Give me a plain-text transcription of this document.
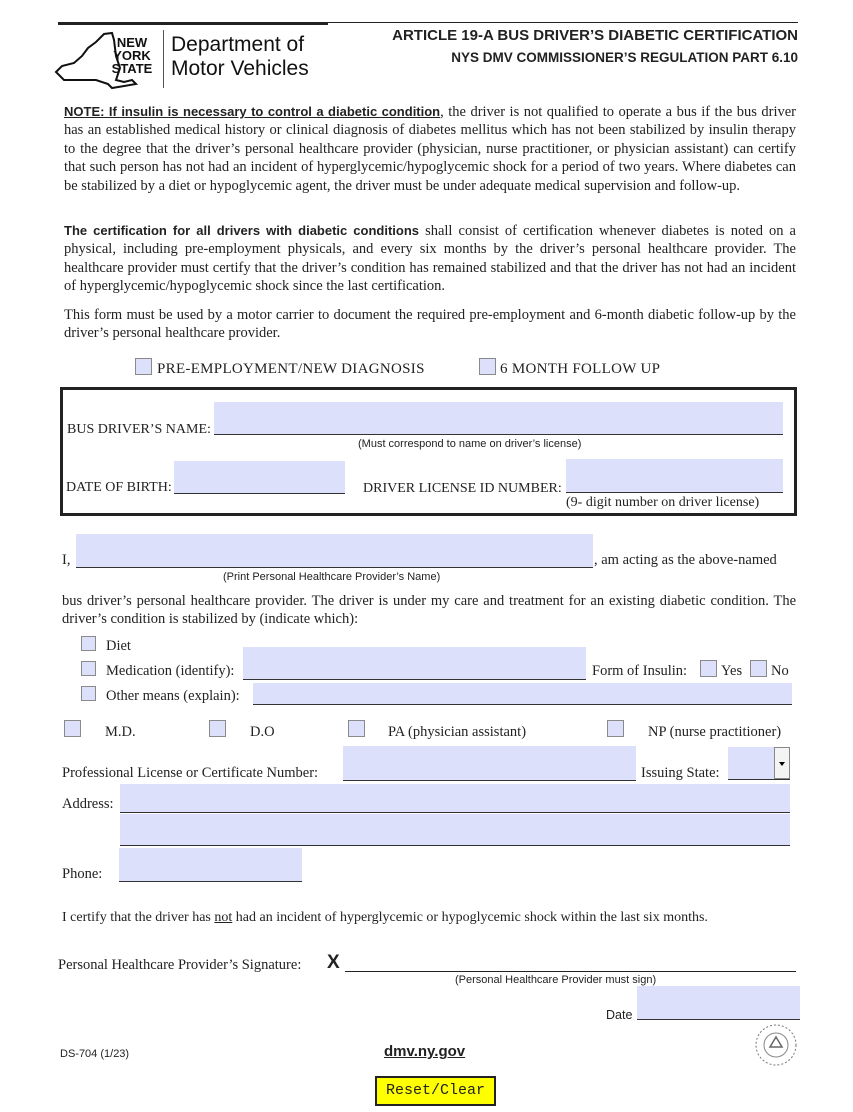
NEW
YORK
STATE
Department of
Motor Vehicles
ARTICLE 19-A BUS DRIVER’S DIABETIC CERTIFICATION
NYS DMV COMMISSIONER’S REGULATION PART 6.10
NOTE: If insulin is necessary to control a diabetic condition, the driver is not qualified to operate a bus if the bus driver has an established medical history or clinical diagnosis of diabetes mellitus which has not been stabilized by insulin therapy to the degree that the driver’s personal healthcare provider (physician, nurse practitioner, or physician assistant) can certify that such person has not had an incident of hyperglycemic/hypoglycemic shock for a period of two years. Where diabetes can be stabilized by a diet or hypoglycemic agent, the driver must be under adequate medical supervision and follow-up.
The certification for all drivers with diabetic conditions shall consist of certification whenever diabetes is noted on a physical, including pre-employment physicals, and every six months by the driver’s personal healthcare provider. The healthcare provider must certify that the driver’s condition has remained stabilized and that the driver has not had an incident of hyperglycemic/hypoglycemic shock since the last certification.
This form must be used by a motor carrier to document the required pre-employment and 6-month diabetic follow-up by the driver’s personal healthcare provider.
PRE-EMPLOYMENT/NEW DIAGNOSIS	6 MONTH FOLLOW UP
BUS DRIVER’S NAME:
(Must correspond to name on driver’s license)
DATE OF BIRTH:	DRIVER LICENSE ID NUMBER:
(9- digit number on driver license)
I,	, am acting as the above-named
(Print Personal Healthcare Provider’s Name)
bus driver’s personal healthcare provider. The driver is under my care and treatment for an existing diabetic condition. The driver’s condition is stabilized by (indicate which):
Diet
Medication (identify):	Form of Insulin: Yes No
Other means (explain):
M.D.	D.O	PA (physician assistant)	NP (nurse practitioner)
Professional License or Certificate Number:	Issuing State:
Address:
Phone:
I certify that the driver has not had an incident of hyperglycemic or hypoglycemic shock within the last six months.
Personal Healthcare Provider’s Signature: X
(Personal Healthcare Provider must sign)
Date
DS-704 (1/23)	dmv.ny.gov
Reset/Clear
